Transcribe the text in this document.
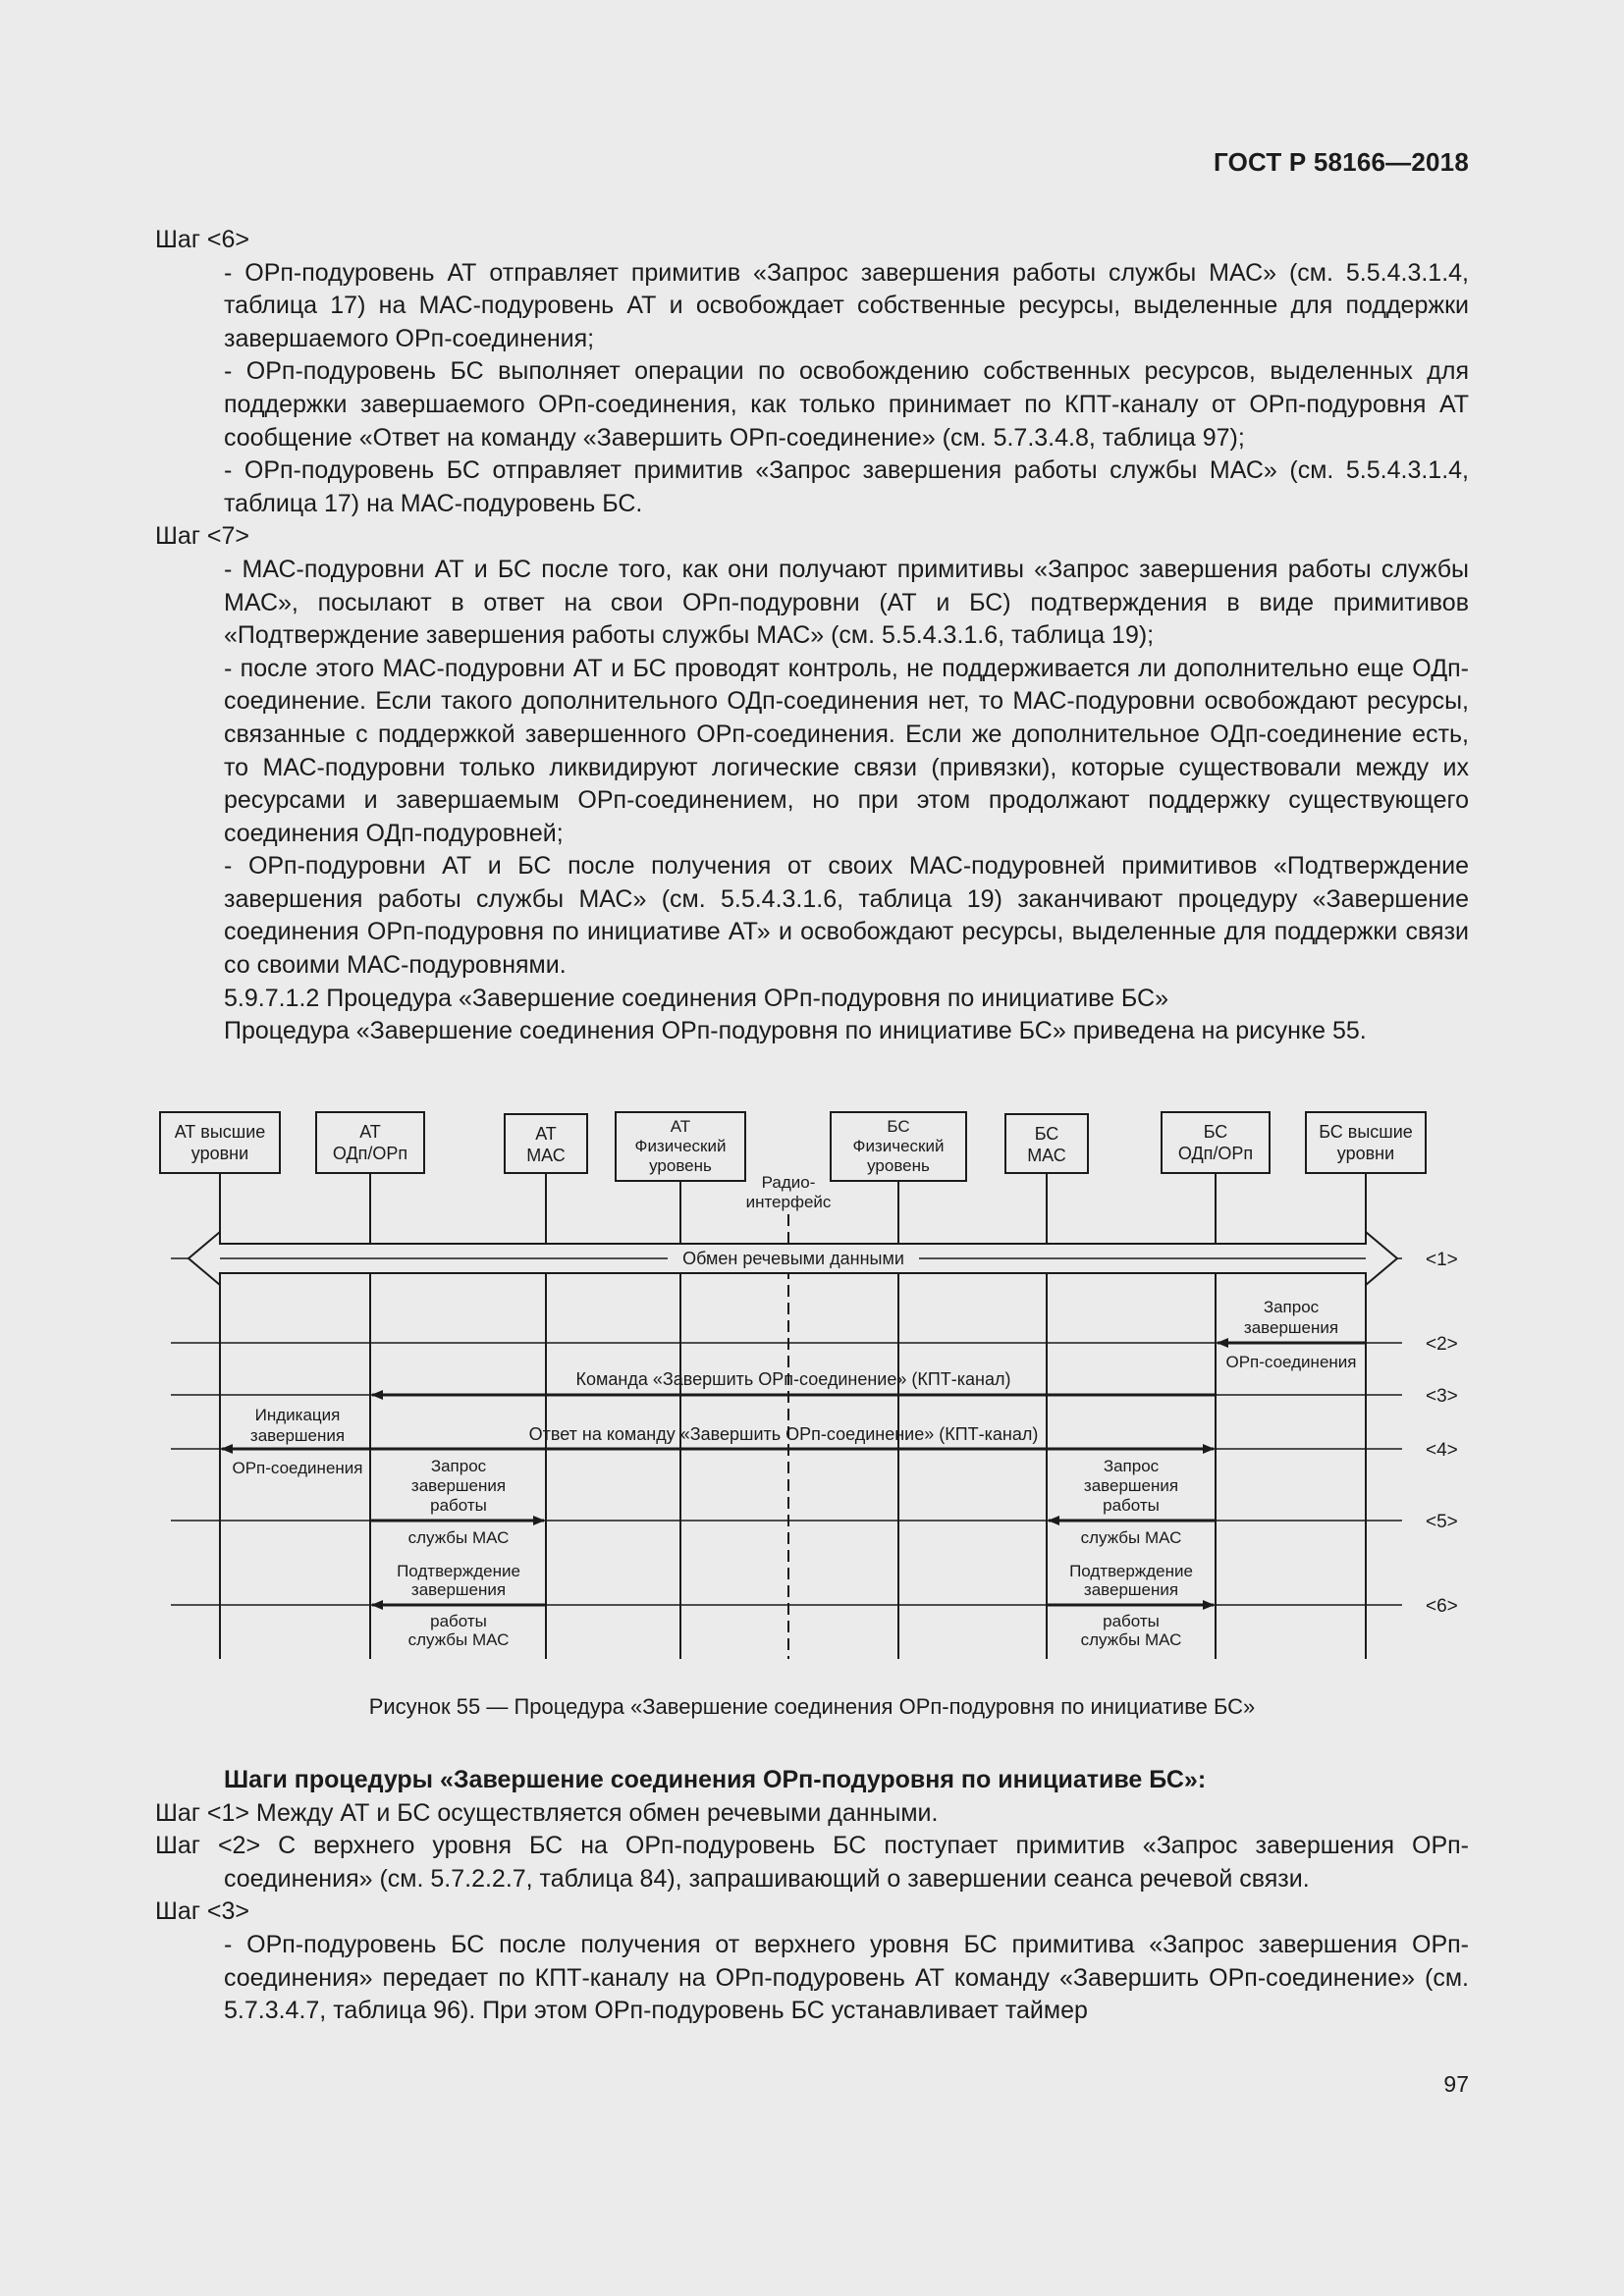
ГОСТ Р 58166—2018

Шаг <6>

- ОРп-подуровень АТ отправляет примитив «Запрос завершения работы службы МАС» (см. 5.5.4.3.1.4, таблица 17) на МАС-подуровень АТ и освобождает собственные ресурсы, выделенные для поддержки завершаемого ОРп-соединения;

- ОРп-подуровень БС выполняет операции по освобождению собственных ресурсов, выделенных для поддержки завершаемого ОРп-соединения, как только принимает по КПТ-каналу от ОРп-подуровня АТ сообщение «Ответ на команду «Завершить ОРп-соединение» (см. 5.7.3.4.8, таблица 97);

- ОРп-подуровень БС отправляет примитив «Запрос завершения работы службы МАС» (см. 5.5.4.3.1.4, таблица 17) на МАС-подуровень БС.

Шаг <7>

- МАС-подуровни АТ и БС после того, как они получают примитивы «Запрос завершения работы службы МАС», посылают в ответ на свои ОРп-подуровни (АТ и БС) подтверждения в виде примитивов «Подтверждение завершения работы службы МАС» (см. 5.5.4.3.1.6, таблица 19);

- после этого МАС-подуровни АТ и БС проводят контроль, не поддерживается ли дополнительно еще ОДп-соединение. Если такого дополнительного ОДп-соединения нет, то МАС-подуровни освобождают ресурсы, связанные с поддержкой завершенного ОРп-соединения. Если же дополнительное ОДп-соединение есть, то МАС-подуровни только ликвидируют логические связи (привязки), которые существовали между их ресурсами и завершаемым ОРп-соединением, но при этом продолжают поддержку существующего соединения ОДп-подуровней;

- ОРп-подуровни АТ и БС после получения от своих МАС-подуровней примитивов «Подтверждение завершения работы службы МАС» (см. 5.5.4.3.1.6, таблица 19) заканчивают процедуру «Завершение соединения ОРп-подуровня по инициативе АТ» и освобождают ресурсы, выделенные для поддержки связи со своими МАС-подуровнями.

5.9.7.1.2 Процедура «Завершение соединения ОРп-подуровня по инициативе БС»

Процедура «Завершение соединения ОРп-подуровня по инициативе БС» приведена на рисунке 55.

АТ высшие
уровни
АТ
ОДп/ОРп
АТ
МАС
АТ
Физический
уровень
БС
Физический
уровень
БС
МАС
БС
ОДп/ОРп
БС высшие
уровни
Радио-
интерфейс
<1>
<2>
<3>
<4>
<5>
<6>
Обмен речевыми данными
Запрос
завершения
ОРп-соединения
Команда «Завершить ОРп-соединение» (КПТ-канал)
Ответ на команду «Завершить ОРп-соединение» (КПТ-канал)
Индикация
завершения
ОРп-соединения	Запрос
завершения
работы
службы МАС
Запрос
завершения
работы
службы МАС
Подтверждение
завершения
работы
службы МАС
Подтверждение
завершения
работы
службы МАС
Рисунок 55 — Процедура «Завершение соединения ОРп-подуровня по инициативе БС»

Шаги процедуры «Завершение соединения ОРп-подуровня по инициативе БС»:

Шаг <1> Между АТ и БС осуществляется обмен речевыми данными.

Шаг <2> С верхнего уровня БС на ОРп-подуровень БС поступает примитив «Запрос завершения ОРп-соединения» (см. 5.7.2.2.7, таблица 84), запрашивающий о завершении сеанса речевой связи.

Шаг <3>

- ОРп-подуровень БС после получения от верхнего уровня БС примитива «Запрос завершения ОРп-соединения» передает по КПТ-каналу на ОРп-подуровень АТ команду «Завершить ОРп-соединение» (см. 5.7.3.4.7, таблица 96). При этом ОРп-подуровень БС устанавливает таймер

97
